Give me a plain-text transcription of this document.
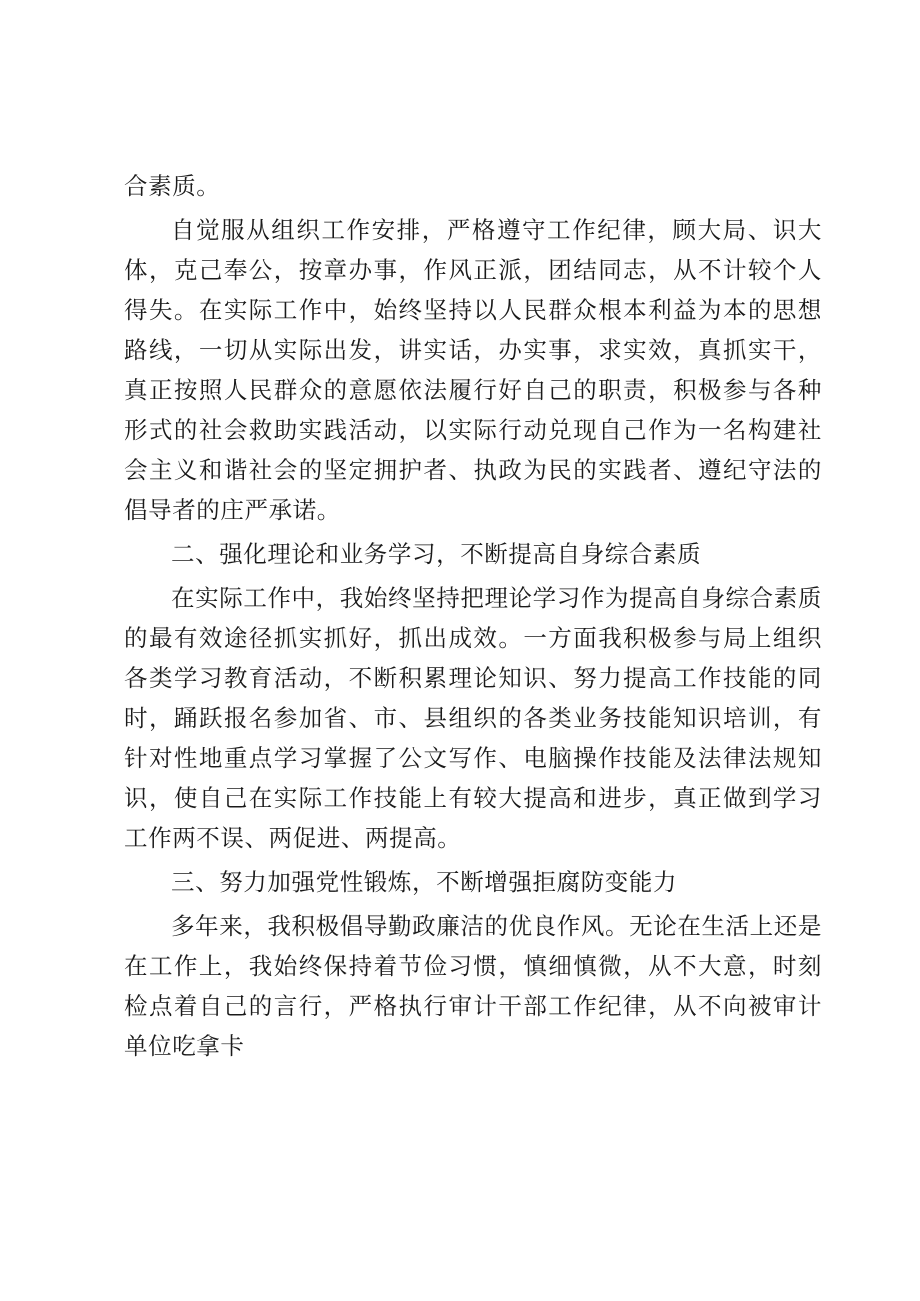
合素质。

自觉服从组织工作安排，严格遵守工作纪律，顾大局、识大体，克己奉公，按章办事，作风正派，团结同志，从不计较个人得失。在实际工作中，始终坚持以人民群众根本利益为本的思想路线，一切从实际出发，讲实话，办实事，求实效，真抓实干，真正按照人民群众的意愿依法履行好自己的职责，积极参与各种形式的社会救助实践活动，以实际行动兑现自己作为一名构建社会主义和谐社会的坚定拥护者、执政为民的实践者、遵纪守法的倡导者的庄严承诺。

二、强化理论和业务学习，不断提高自身综合素质

在实际工作中，我始终坚持把理论学习作为提高自身综合素质的最有效途径抓实抓好，抓出成效。一方面我积极参与局上组织各类学习教育活动，不断积累理论知识、努力提高工作技能的同时，踊跃报名参加省、市、县组织的各类业务技能知识培训，有针对性地重点学习掌握了公文写作、电脑操作技能及法律法规知识，使自己在实际工作技能上有较大提高和进步，真正做到学习工作两不误、两促进、两提高。

三、努力加强党性锻炼，不断增强拒腐防变能力

多年来，我积极倡导勤政廉洁的优良作风。无论在生活上还是在工作上，我始终保持着节俭习惯，慎细慎微，从不大意，时刻检点着自己的言行，严格执行审计干部工作纪律，从不向被审计单位吃拿卡
